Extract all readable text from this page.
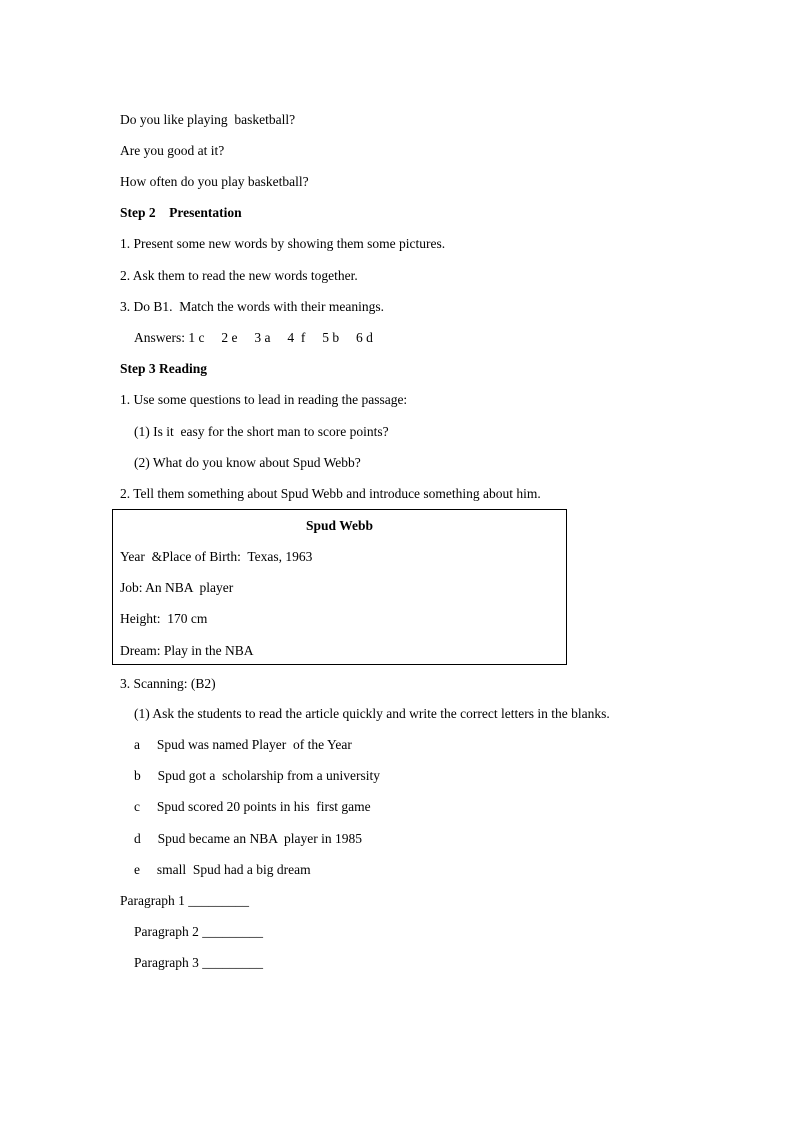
Do you like playing  basketball?
Are you good at it?
How often do you play basketball?
Step 2    Presentation
1. Present some new words by showing them some pictures.
2. Ask them to read the new words together.
3. Do B1.  Match the words with their meanings.
Answers: 1 c     2 e     3 a     4  f     5 b     6 d
Step 3 Reading
1. Use some questions to lead in reading the passage:
(1) Is it  easy for the short man to score points?
(2) What do you know about Spud Webb?
2. Tell them something about Spud Webb and introduce something about him.
Spud Webb
Year  &Place of Birth:  Texas, 1963
Job: An NBA  player
Height:  170 cm
Dream: Play in the NBA
3. Scanning: (B2)
(1) Ask the students to read the article quickly and write the correct letters in the blanks.
a     Spud was named Player  of the Year
b     Spud got a  scholarship from a university
c     Spud scored 20 points in his  first game
d     Spud became an NBA  player in 1985
e     small  Spud had a big dream
Paragraph 1 _________
Paragraph 2 _________
Paragraph 3 _________
